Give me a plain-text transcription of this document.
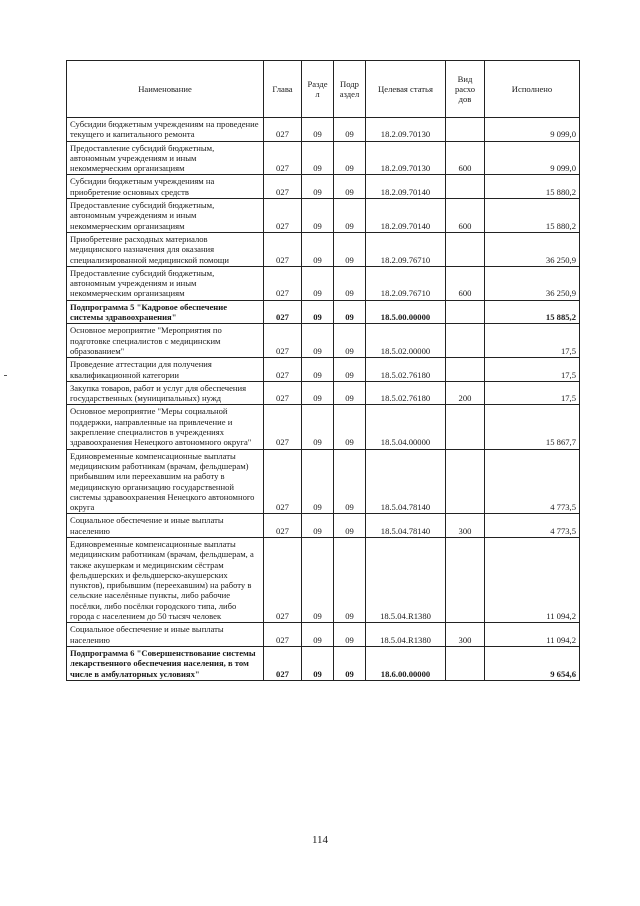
Наименование	Глава	Разде л	Подр аздел	Целевая статья	Вид расхо дов	Исполнено
Субсидии бюджетным учреждениям на проведение текущего и капитального ремонта	027	09	09	18.2.09.70130		9 099,0
Предоставление субсидий бюджетным, автономным учреждениям и иным некоммерческим организациям	027	09	09	18.2.09.70130	600	9 099,0
Субсидии бюджетным учреждениям на приобретение основных средств	027	09	09	18.2.09.70140		15 880,2
Предоставление субсидий бюджетным, автономным учреждениям и иным некоммерческим организациям	027	09	09	18.2.09.70140	600	15 880,2
Приобретение расходных материалов медицинского назначения для оказания специализированной медицинской помощи	027	09	09	18.2.09.76710		36 250,9
Предоставление субсидий бюджетным, автономным учреждениям и иным некоммерческим организациям	027	09	09	18.2.09.76710	600	36 250,9
Подпрограмма 5 "Кадровое обеспечение системы здравоохранения"	027	09	09	18.5.00.00000		15 885,2
Основное мероприятие "Мероприятия по подготовке специалистов с медицинским образованием"	027	09	09	18.5.02.00000		17,5
Проведение аттестации для получения квалификационной категории	027	09	09	18.5.02.76180		17,5
Закупка товаров, работ и услуг для обеспечения государственных (муниципальных) нужд	027	09	09	18.5.02.76180	200	17,5
Основное мероприятие "Меры социальной поддержки, направленные на привлечение и закрепление специалистов в учреждениях здравоохранения Ненецкого автономного округа"	027	09	09	18.5.04.00000		15 867,7
Единовременные компенсационные выплаты медицинским работникам (врачам, фельдшерам) прибывшим или переехавшим на работу в медицинскую организацию государственной системы здравоохранения Ненецкого автономного округа	027	09	09	18.5.04.78140		4 773,5
Социальное обеспечение и иные выплаты населению	027	09	09	18.5.04.78140	300	4 773,5
Единовременные компенсационные выплаты медицинским работникам (врачам, фельдшерам, а также акушеркам и медицинским сёстрам фельдшерских и фельдшерско-акушерских пунктов), прибывшим (переехавшим) на работу в сельские населённые пункты, либо рабочие посёлки, либо посёлки городского типа, либо города с населением до 50 тысяч человек	027	09	09	18.5.04.R1380		11 094,2
Социальное обеспечение и иные выплаты населению	027	09	09	18.5.04.R1380	300	11 094,2
Подпрограмма 6 "Совершенствование системы лекарственного обеспечения населения, в том числе в амбулаторных условиях"	027	09	09	18.6.00.00000		9 654,6
114
